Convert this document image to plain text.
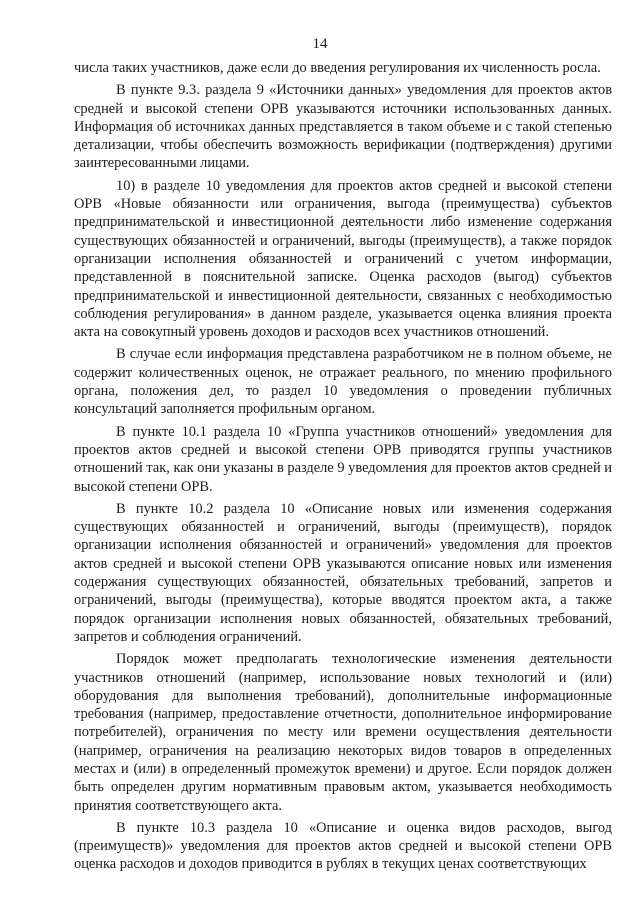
14

числа таких участников, даже если до введения регулирования их численность росла.

В пункте 9.3. раздела 9 «Источники данных» уведомления для проектов актов средней и высокой степени ОРВ указываются источники использованных данных. Информация об источниках данных представляется в таком объеме и с такой степенью детализации, чтобы обеспечить возможность верификации (подтверждения) другими заинтересованными лицами.

10) в разделе 10 уведомления для проектов актов средней и высокой степени ОРВ «Новые обязанности или ограничения, выгода (преимущества) субъектов предпринимательской и инвестиционной деятельности либо изменение содержания существующих обязанностей и ограничений, выгоды (преимуществ), а также порядок организации исполнения обязанностей и ограничений с учетом информации, представленной в пояснительной записке. Оценка расходов (выгод) субъектов предпринимательской и инвестиционной деятельности, связанных с необходимостью соблюдения регулирования» в данном разделе, указывается оценка влияния проекта акта на совокупный уровень доходов и расходов всех участников отношений.

В случае если информация представлена разработчиком не в полном объеме, не содержит количественных оценок, не отражает реального, по мнению профильного органа, положения дел, то раздел 10 уведомления о проведении публичных консультаций заполняется профильным органом.

В пункте 10.1 раздела 10 «Группа участников отношений» уведомления для проектов актов средней и высокой степени ОРВ приводятся группы участников отношений так, как они указаны в разделе 9 уведомления для проектов актов средней и высокой степени ОРВ.

В пункте 10.2 раздела 10 «Описание новых или изменения содержания существующих обязанностей и ограничений, выгоды (преимуществ), порядок организации исполнения обязанностей и ограничений» уведомления для проектов актов средней и высокой степени ОРВ указываются описание новых или изменения содержания существующих обязанностей, обязательных требований, запретов и ограничений, выгоды (преимущества), которые вводятся проектом акта, а также порядок организации исполнения новых обязанностей, обязательных требований, запретов и соблюдения ограничений.

Порядок может предполагать технологические изменения деятельности участников отношений (например, использование новых технологий и (или) оборудования для выполнения требований), дополнительные информационные требования (например, предоставление отчетности, дополнительное информирование потребителей), ограничения по месту или времени осуществления деятельности (например, ограничения на реализацию некоторых видов товаров в определенных местах и (или) в определенный промежуток времени) и другое. Если порядок должен быть определен другим нормативным правовым актом, указывается необходимость принятия соответствующего акта.

В пункте 10.3 раздела 10 «Описание и оценка видов расходов, выгод (преимуществ)» уведомления для проектов актов средней и высокой степени ОРВ оценка расходов и доходов приводится в рублях в текущих ценах соответствующих
